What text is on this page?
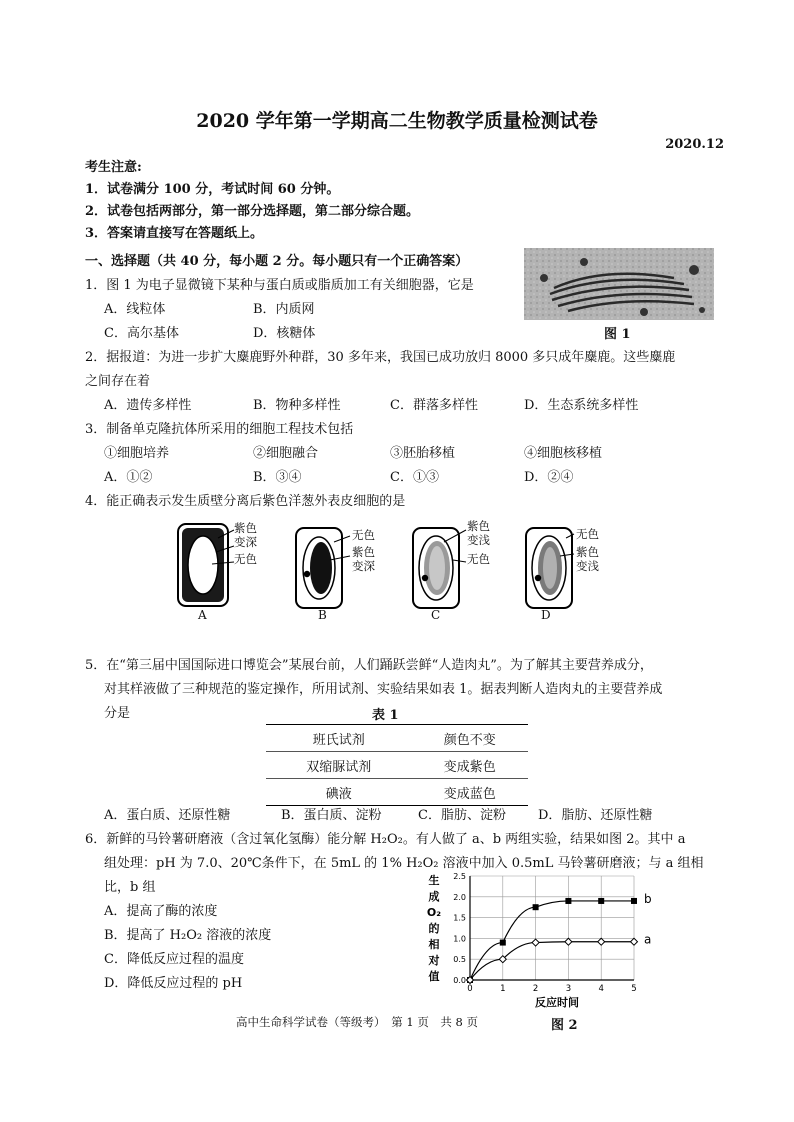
2020 学年第一学期高二生物教学质量检测试卷
2020.12
考生注意:
1．试卷满分 100 分，考试时间 60 分钟。
2．试卷包括两部分，第一部分选择题，第二部分综合题。
3．答案请直接写在答题纸上。
一、选择题（共 40 分，每小题 2 分。每小题只有一个正确答案）
1．图 1 为电子显微镜下某种与蛋白质或脂质加工有关细胞器，它是
A．线粒体	B．内质网
C．高尔基体	D．核糖体	图 1
2．据报道：为进一步扩大麋鹿野外种群，30 多年来，我国已成功放归 8000 多只成年麋鹿。这些麋鹿
之间存在着
A．遗传多样性	B．物种多样性	C．群落多样性	D．生态系统多样性
3．制备单克隆抗体所采用的细胞工程技术包括
①细胞培养	②细胞融合	③胚胎移植	④细胞核移植
A．①②	B．③④	C．①③	D．②④
4．能正确表示发生质壁分离后紫色洋葱外表皮细胞的是
紫色
变深
无色
无色
紫色
变深
紫色
变浅
无色
无色
紫色
变浅
A	B	C	D
5．在“第三届中国国际进口博览会”某展台前，人们踊跃尝鲜“人造肉丸”。为了解其主要营养成分，
对其样液做了三种规范的鉴定操作，所用试剂、实验结果如表 1。据表判断人造肉丸的主要营养成
分是	表 1
班氏试剂	颜色不变
双缩脲试剂	变成紫色
碘液	变成蓝色
A．蛋白质、还原性糖	B．蛋白质、淀粉	C．脂肪、淀粉 D．脂肪、还原性糖
6．新鲜的马铃薯研磨液（含过氧化氢酶）能分解 H₂O₂。有人做了 a、b 两组实验，结果如图 2。其中 a
组处理：pH 为 7.0、20℃条件下，在 5mL 的 1% H₂O₂ 溶液中加入 0.5mL 马铃薯研磨液；与 a 组相
比，b 组
A．提高了酶的浓度
B．提高了 H₂O₂ 溶液的浓度
C．降低反应过程的温度
D．降低反应过程的 pH
生
成
O₂
的
相
对
值 0.0
0.5
1.0
1.5
2.0
2.5
0	1	2	3	4	5
b
a
反应时间
图 2
高中生命科学试卷（等级考）　第 1 页　共 8 页
